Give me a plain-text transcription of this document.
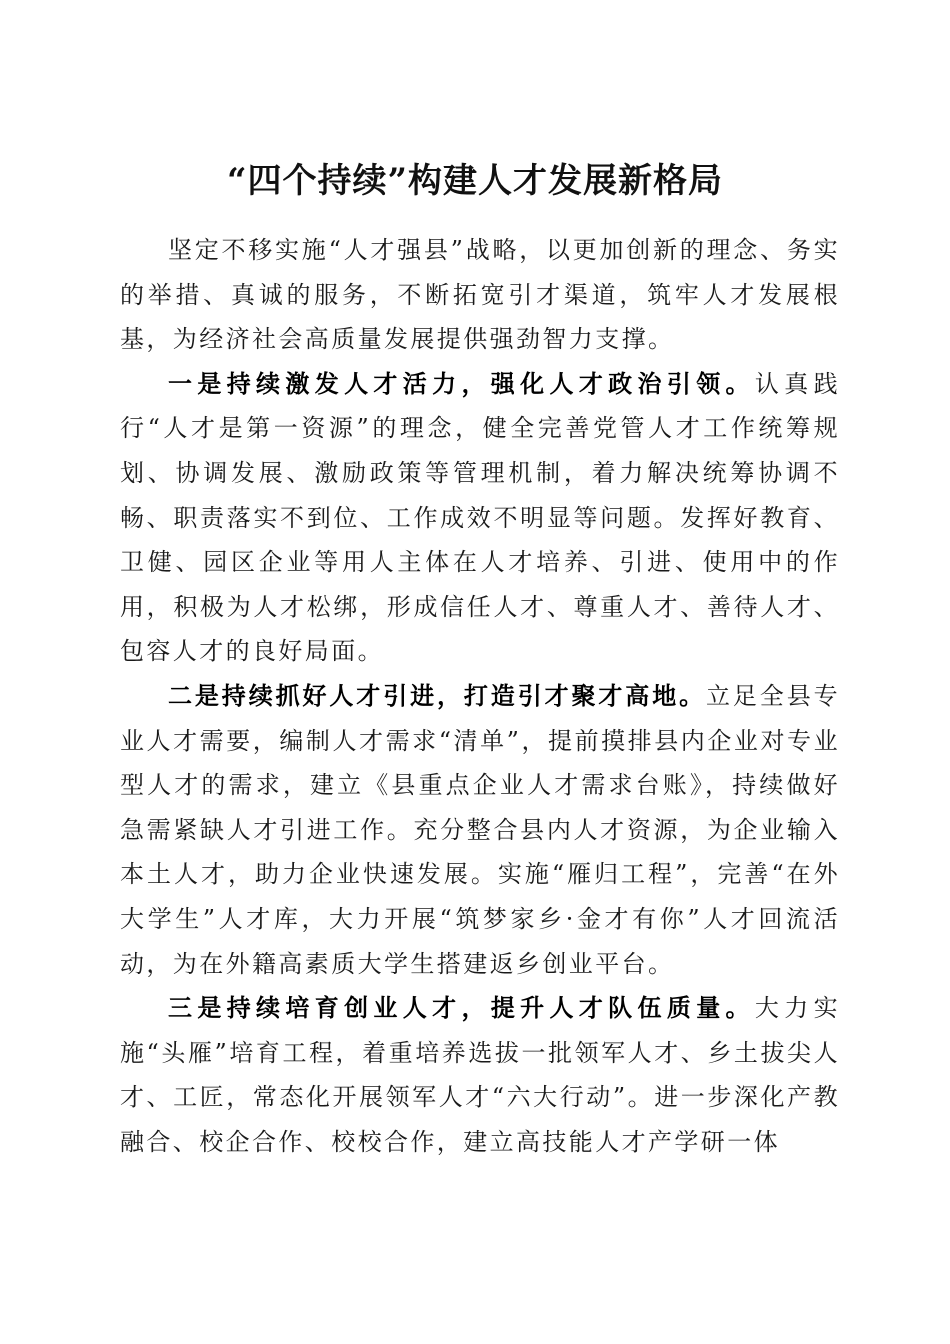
“四个持续”构建人才发展新格局

坚定不移实施“人才强县”战略，以更加创新的理念、务实的举措、真诚的服务，不断拓宽引才渠道，筑牢人才发展根基，为经济社会高质量发展提供强劲智力支撑。

一是持续激发人才活力，强化人才政治引领。认真践行“人才是第一资源”的理念，健全完善党管人才工作统筹规划、协调发展、激励政策等管理机制，着力解决统筹协调不畅、职责落实不到位、工作成效不明显等问题。发挥好教育、卫健、园区企业等用人主体在人才培养、引进、使用中的作用，积极为人才松绑，形成信任人才、尊重人才、善待人才、包容人才的良好局面。

二是持续抓好人才引进，打造引才聚才高地。立足全县专业人才需要，编制人才需求“清单”，提前摸排县内企业对专业型人才的需求，建立《县重点企业人才需求台账》，持续做好急需紧缺人才引进工作。充分整合县内人才资源，为企业输入本土人才，助力企业快速发展。实施“雁归工程”，完善“在外大学生”人才库，大力开展“筑梦家乡·金才有你”人才回流活动，为在外籍高素质大学生搭建返乡创业平台。

三是持续培育创业人才，提升人才队伍质量。大力实施“头雁”培育工程，着重培养选拔一批领军人才、乡土拔尖人才、工匠，常态化开展领军人才“六大行动”。进一步深化产教融合、校企合作、校校合作，建立高技能人才产学研一体
